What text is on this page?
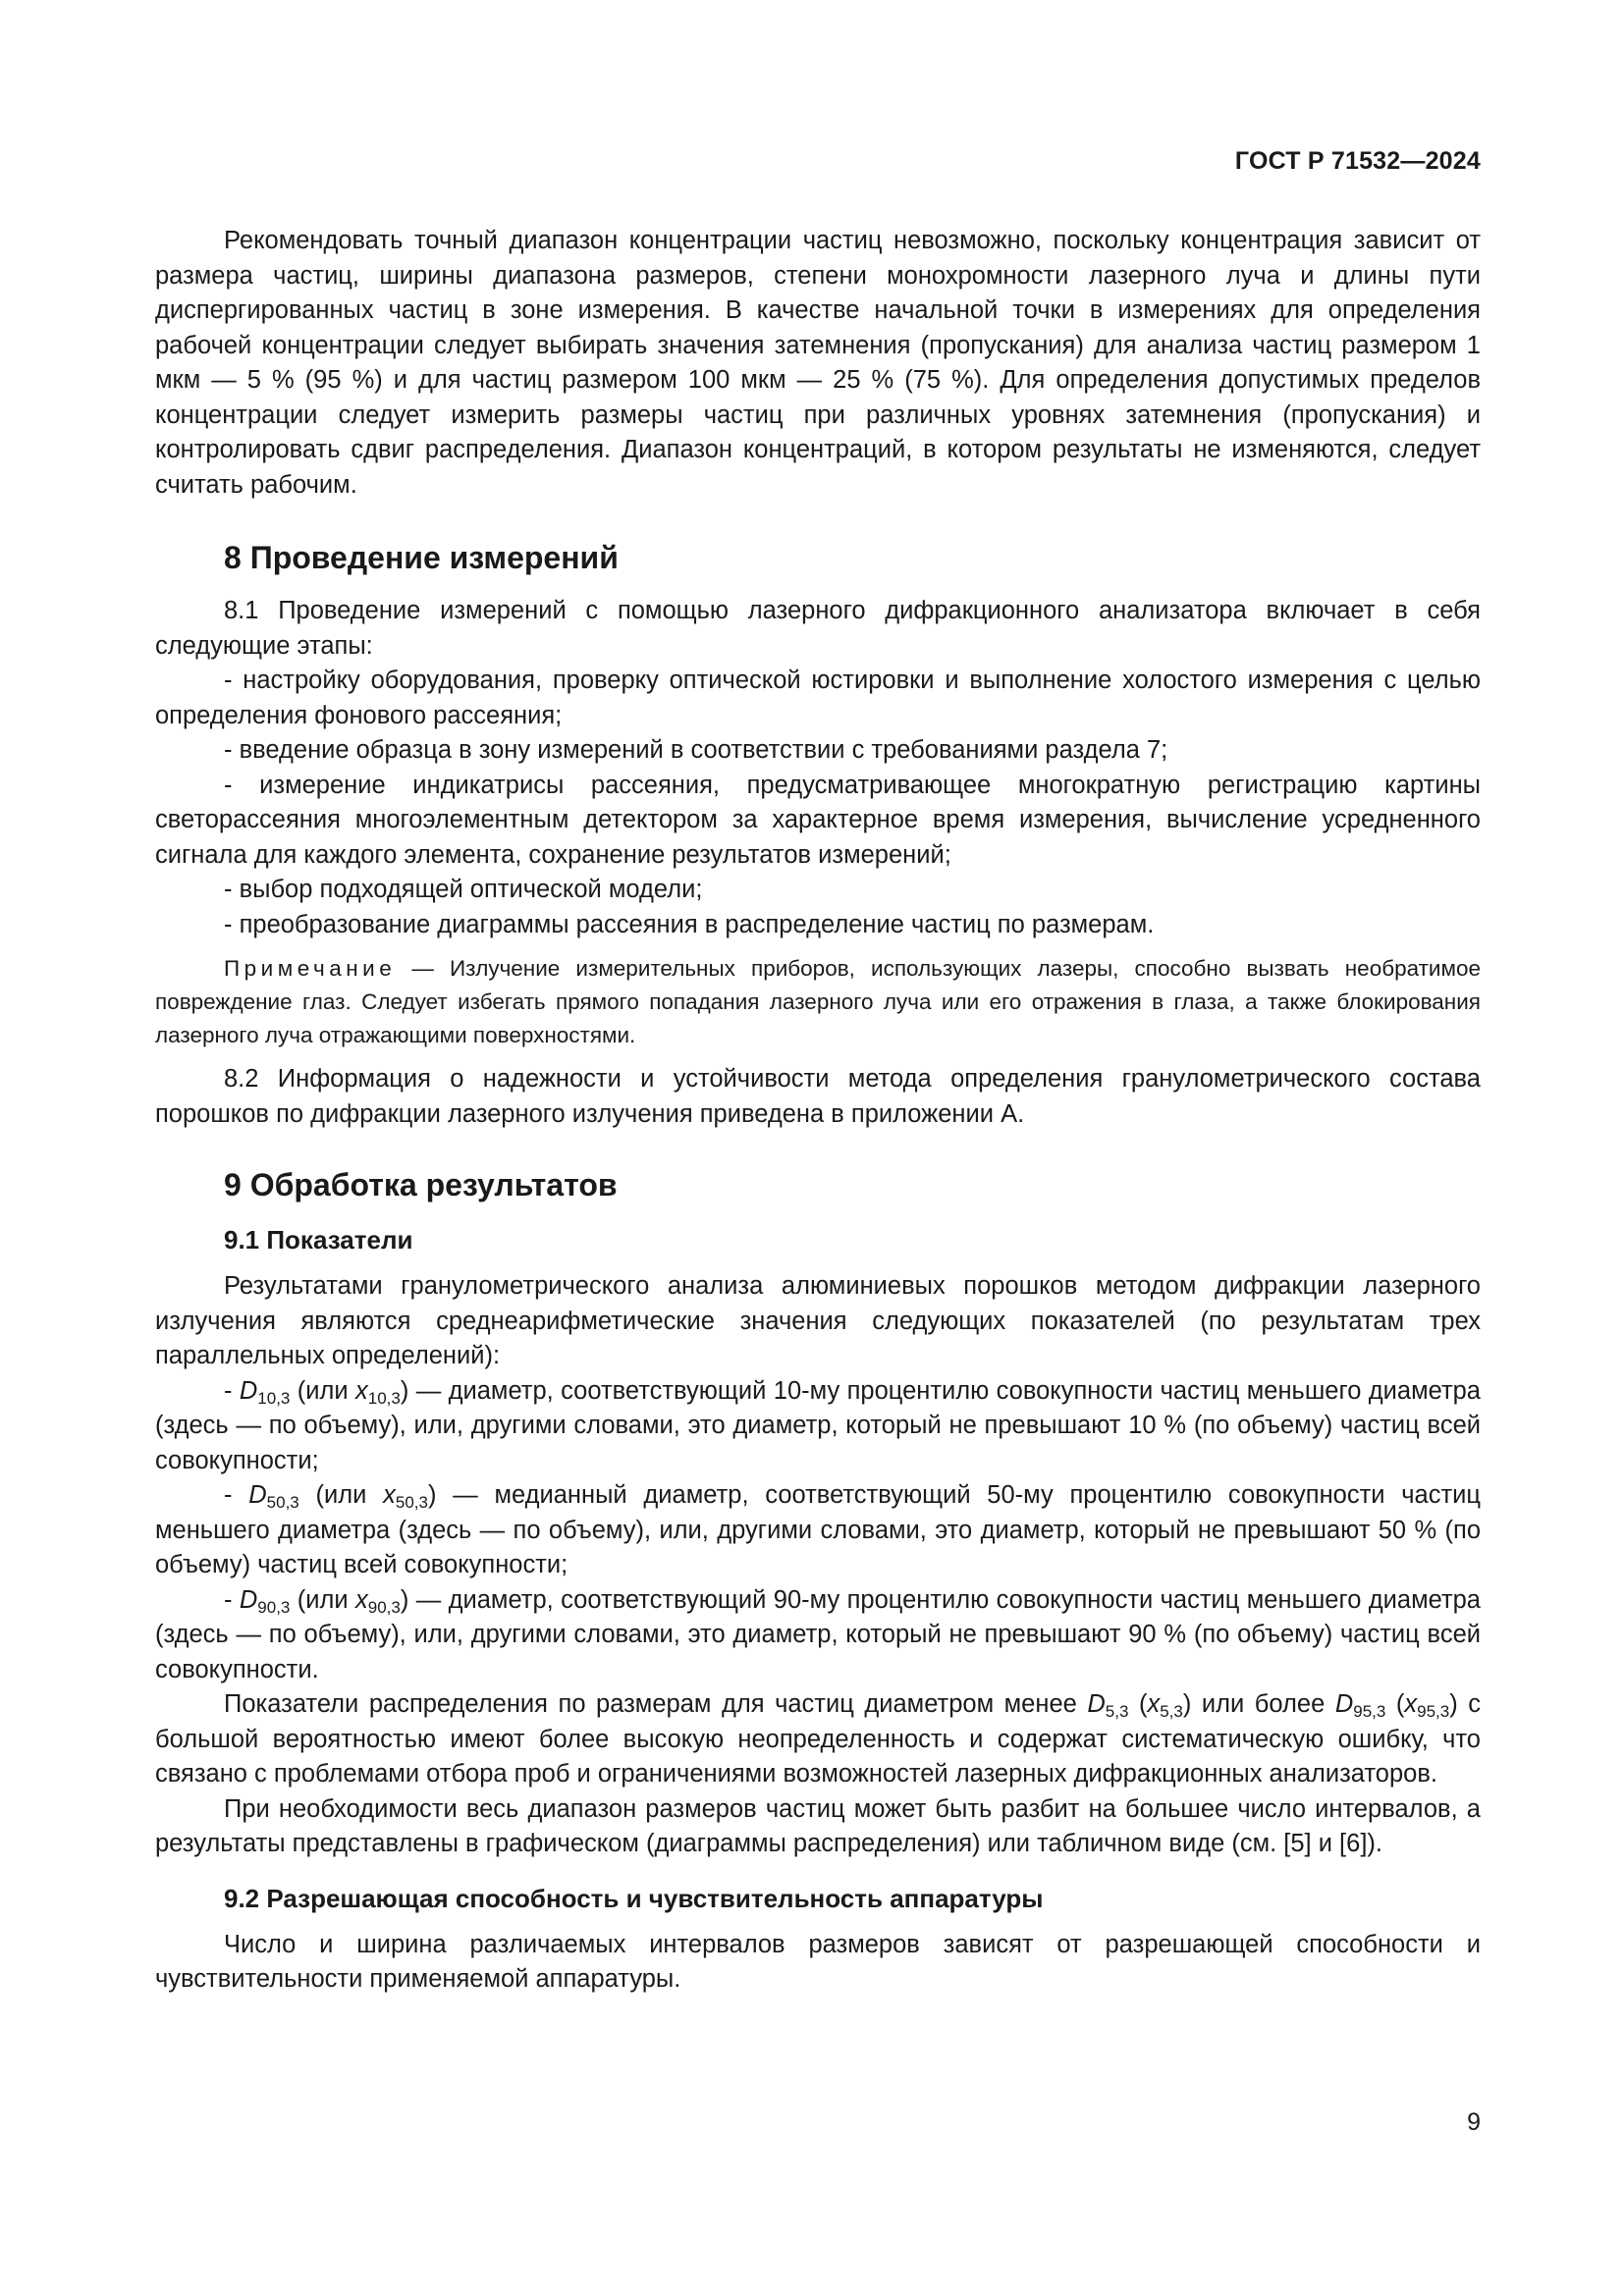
ГОСТ Р 71532—2024

Рекомендовать точный диапазон концентрации частиц невозможно, поскольку концентрация зависит от размера частиц, ширины диапазона размеров, степени монохромности лазерного луча и длины пути диспергированных частиц в зоне измерения. В качестве начальной точки в измерениях для определения рабочей концентрации следует выбирать значения затемнения (пропускания) для анализа частиц размером 1 мкм — 5 % (95 %) и для частиц размером 100 мкм — 25 % (75 %). Для определения допустимых пределов концентрации следует измерить размеры частиц при различных уровнях затемнения (пропускания) и контролировать сдвиг распределения. Диапазон концентраций, в котором результаты не изменяются, следует считать рабочим.

8 Проведение измерений

8.1 Проведение измерений с помощью лазерного дифракционного анализатора включает в себя следующие этапы:

- настройку оборудования, проверку оптической юстировки и выполнение холостого измерения с целью определения фонового рассеяния;

- введение образца в зону измерений в соответствии с требованиями раздела 7;

- измерение индикатрисы рассеяния, предусматривающее многократную регистрацию картины светорассеяния многоэлементным детектором за характерное время измерения, вычисление усредненного сигнала для каждого элемента, сохранение результатов измерений;

- выбор подходящей оптической модели;

- преобразование диаграммы рассеяния в распределение частиц по размерам.

Примечание — Излучение измерительных приборов, использующих лазеры, способно вызвать необратимое повреждение глаз. Следует избегать прямого попадания лазерного луча или его отражения в глаза, а также блокирования лазерного луча отражающими поверхностями.

8.2 Информация о надежности и устойчивости метода определения гранулометрического состава порошков по дифракции лазерного излучения приведена в приложении А.

9 Обработка результатов
9.1 Показатели

Результатами гранулометрического анализа алюминиевых порошков методом дифракции лазерного излучения являются среднеарифметические значения следующих показателей (по результатам трех параллельных определений):

- $D_{10,3}$ (или $x_{10,3}$) — диаметр, соответствующий 10-му процентилю совокупности частиц меньшего диаметра (здесь — по объему), или, другими словами, это диаметр, который не превышают 10 % (по объему) частиц всей совокупности;

- $D_{50,3}$ (или $x_{50,3}$) — медианный диаметр, соответствующий 50-му процентилю совокупности частиц меньшего диаметра (здесь — по объему), или, другими словами, это диаметр, который не превышают 50 % (по объему) частиц всей совокупности;

- $D_{90,3}$ (или $x_{90,3}$) — диаметр, соответствующий 90-му процентилю совокупности частиц меньшего диаметра (здесь — по объему), или, другими словами, это диаметр, который не превышают 90 % (по объему) частиц всей совокупности.

Показатели распределения по размерам для частиц диаметром менее $D_{5,3}$ $(x_{5,3})$ или более $D_{95,3}$ $(x_{95,3})$ с большой вероятностью имеют более высокую неопределенность и содержат систематическую ошибку, что связано с проблемами отбора проб и ограничениями возможностей лазерных дифракционных анализаторов.

При необходимости весь диапазон размеров частиц может быть разбит на большее число интервалов, а результаты представлены в графическом (диаграммы распределения) или табличном виде (см. [5] и [6]).

9.2 Разрешающая способность и чувствительность аппаратуры

Число и ширина различаемых интервалов размеров зависят от разрешающей способности и чувствительности применяемой аппаратуры.

9
